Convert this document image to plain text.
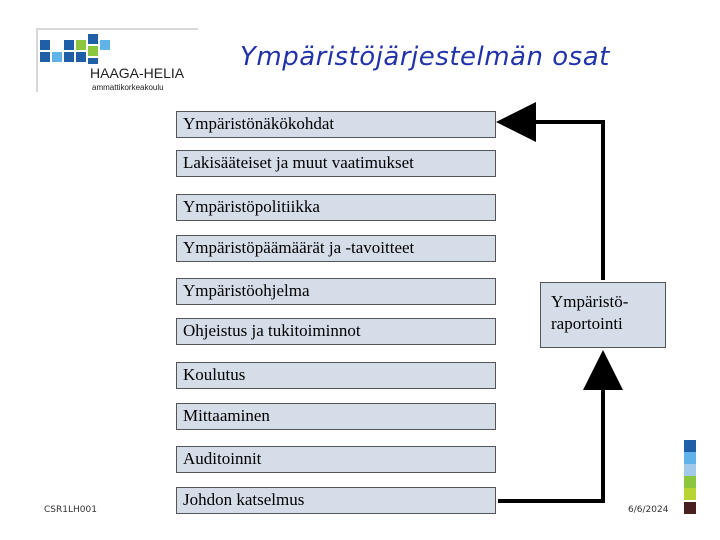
HAAGA-HELIA
ammattikorkeakoulu
Ympäristöjärjestelmän osat
Ympäristönäkökohdat
Lakisääteiset ja muut vaatimukset
Ympäristöpolitiikka
Ympäristöpäämäärät ja -tavoitteet
Ympäristöohjelma
Ohjeistus ja tukitoiminnot
Koulutus
Mittaaminen
Auditoinnit
Johdon katselmus
Ympäristö-
raportointi
CSR1LH001	6/6/2024
